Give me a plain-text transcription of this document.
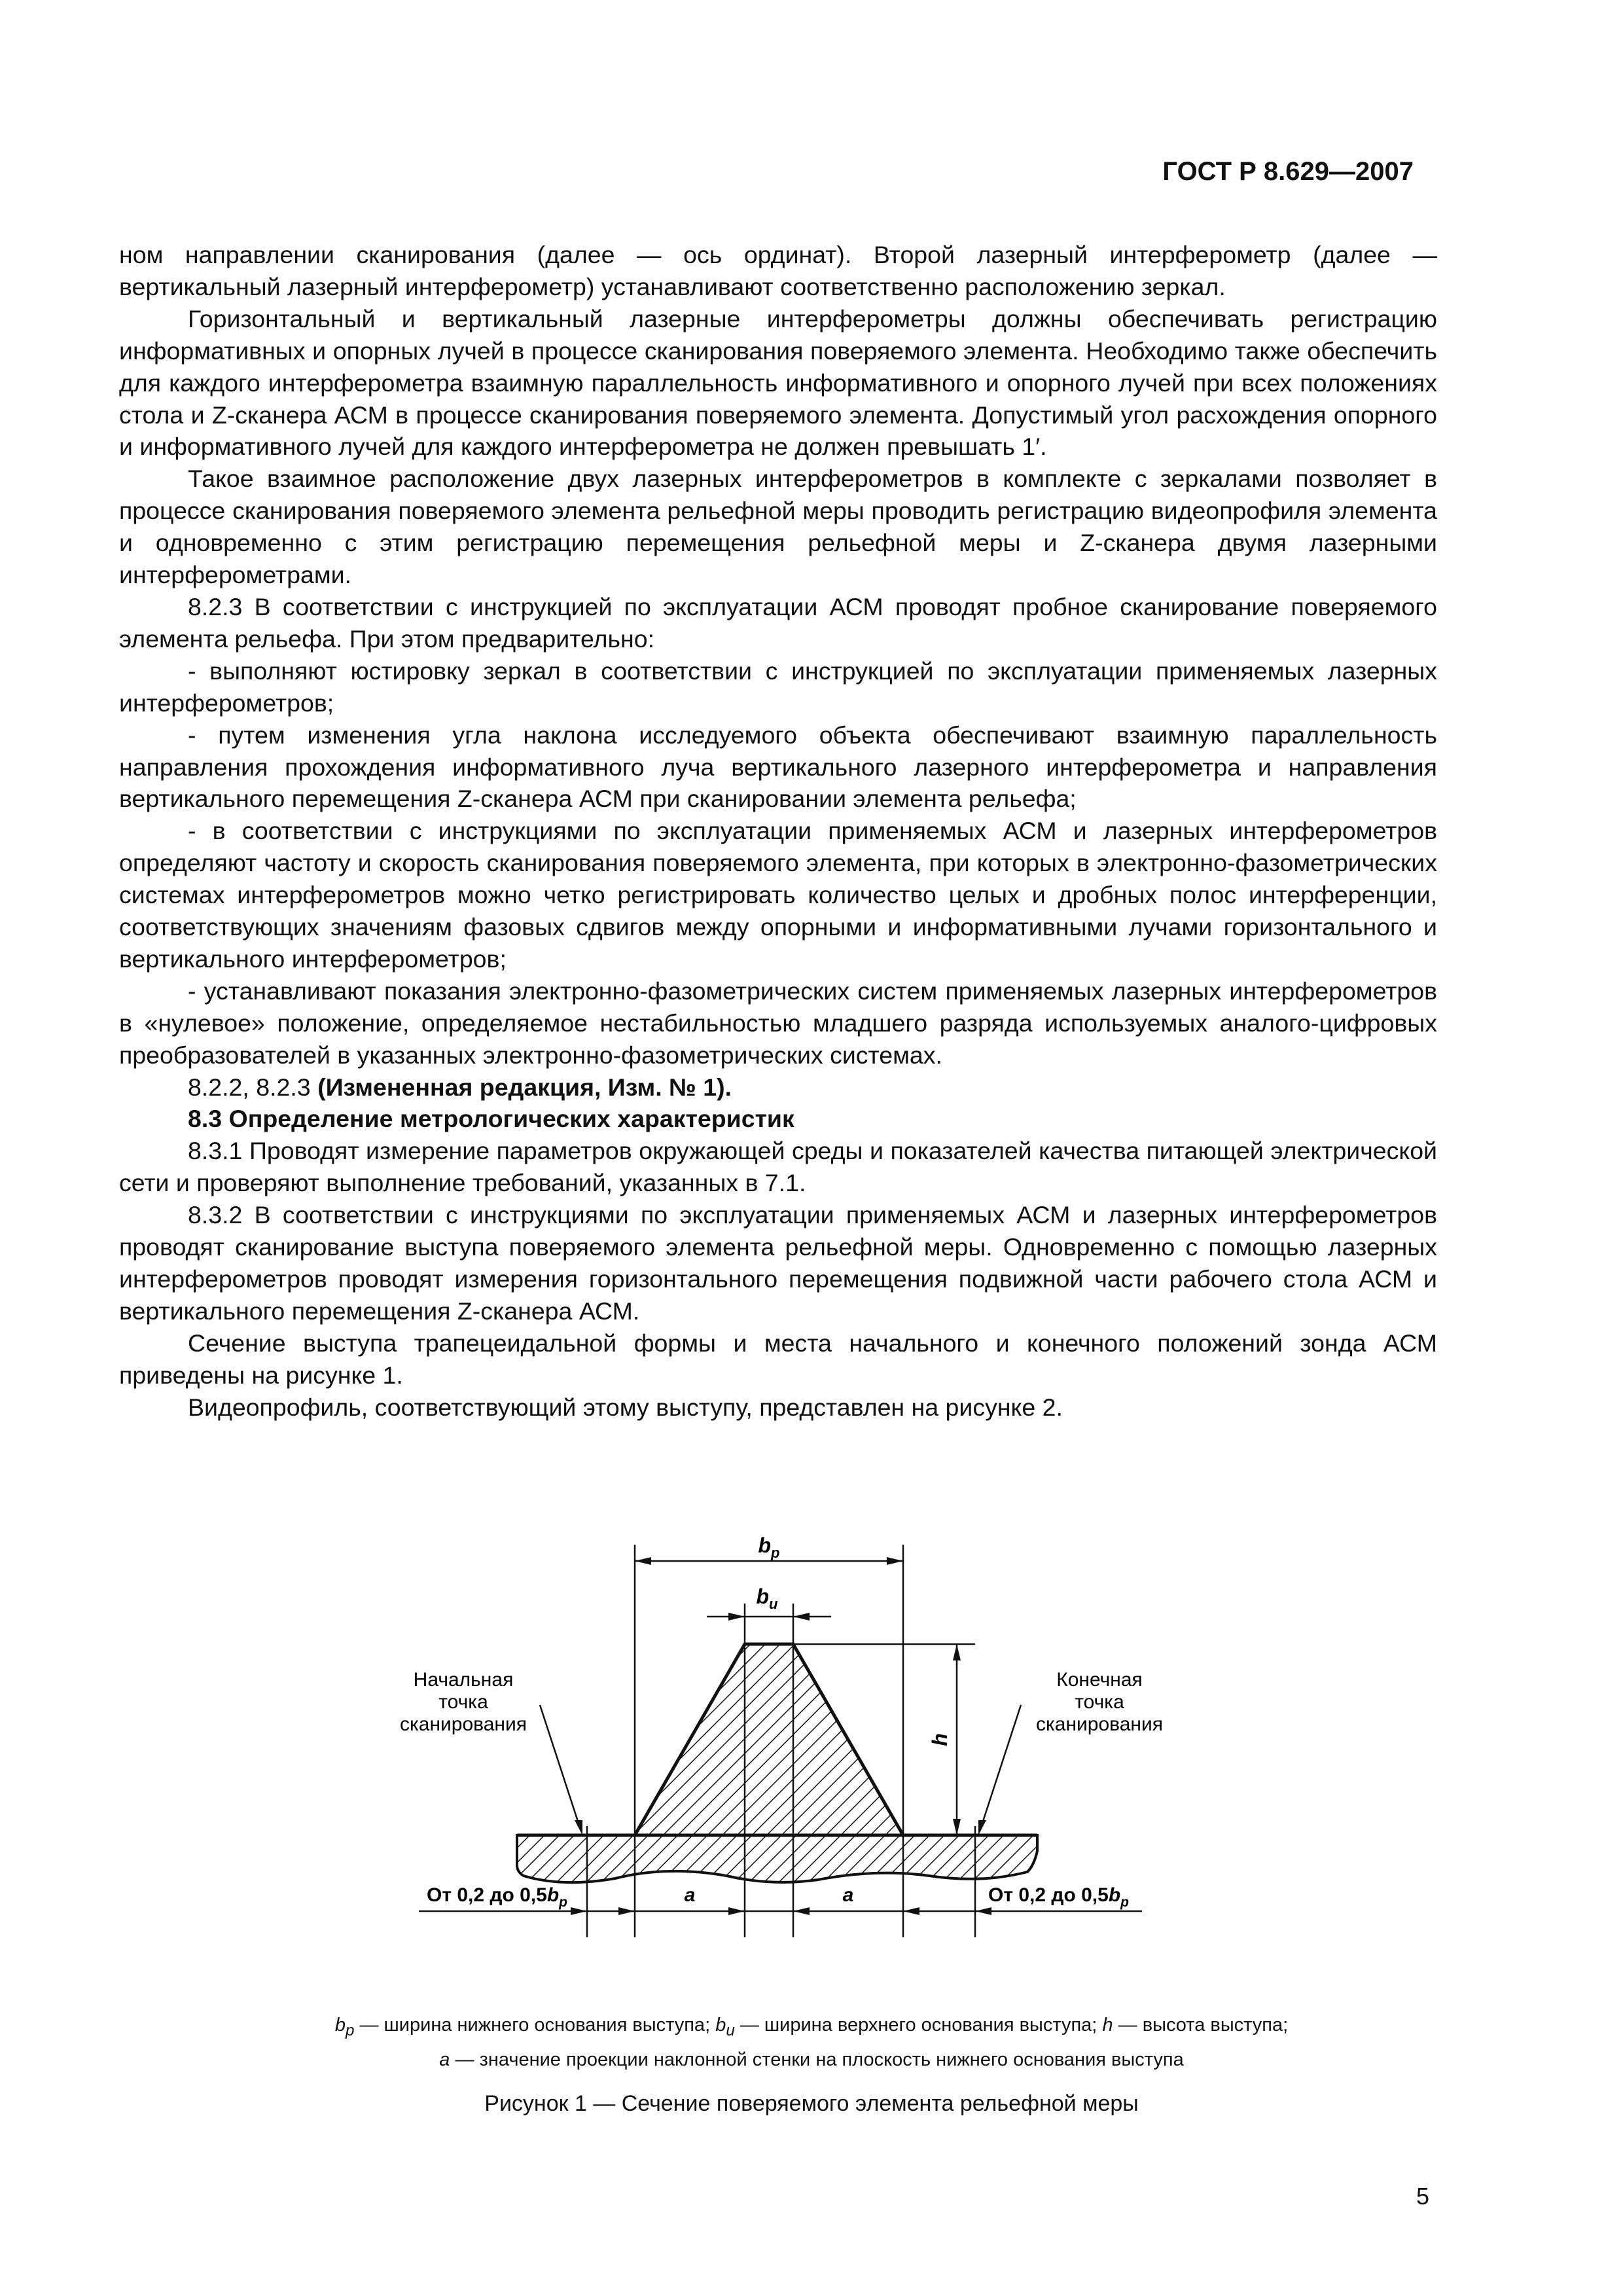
ГОСТ Р 8.629—2007

ном направлении сканирования (далее — ось ординат). Второй лазерный интерферометр (далее — вертикальный лазерный интерферометр) устанавливают соответственно расположению зеркал.

Горизонтальный и вертикальный лазерные интерферометры должны обеспечивать регистрацию информативных и опорных лучей в процессе сканирования поверяемого элемента. Необходимо также обеспечить для каждого интерферометра взаимную параллельность информативного и опорного лучей при всех положениях стола и Z-сканера АСМ в процессе сканирования поверяемого элемента. Допустимый угол расхождения опорного и информативного лучей для каждого интерферометра не должен превышать 1′.

Такое взаимное расположение двух лазерных интерферометров в комплекте с зеркалами позволяет в процессе сканирования поверяемого элемента рельефной меры проводить регистрацию видеопрофиля элемента и одновременно с этим регистрацию перемещения рельефной меры и Z-сканера двумя лазерными интерферометрами.

8.2.3 В соответствии с инструкцией по эксплуатации АСМ проводят пробное сканирование поверяемого элемента рельефа. При этом предварительно:

- выполняют юстировку зеркал в соответствии с инструкцией по эксплуатации применяемых лазерных интерферометров;

- путем изменения угла наклона исследуемого объекта обеспечивают взаимную параллельность направления прохождения информативного луча вертикального лазерного интерферометра и направления вертикального перемещения Z-сканера АСМ при сканировании элемента рельефа;

- в соответствии с инструкциями по эксплуатации применяемых АСМ и лазерных интерферометров определяют частоту и скорость сканирования поверяемого элемента, при которых в электронно-фазометрических системах интерферометров можно четко регистрировать количество целых и дробных полос интерференции, соответствующих значениям фазовых сдвигов между опорными и информативными лучами горизонтального и вертикального интерферометров;

- устанавливают показания электронно-фазометрических систем применяемых лазерных интерферометров в «нулевое» положение, определяемое нестабильностью младшего разряда используемых аналого-цифровых преобразователей в указанных электронно-фазометрических системах.

8.2.2, 8.2.3 (Измененная редакция, Изм. № 1).

8.3 Определение метрологических характеристик

8.3.1 Проводят измерение параметров окружающей среды и показателей качества питающей электрической сети и проверяют выполнение требований, указанных в 7.1.

8.3.2 В соответствии с инструкциями по эксплуатации применяемых АСМ и лазерных интерферометров проводят сканирование выступа поверяемого элемента рельефной меры. Одновременно с помощью лазерных интерферометров проводят измерения горизонтального перемещения подвижной части рабочего стола АСМ и вертикального перемещения Z-сканера АСМ.

Сечение выступа трапецеидальной формы и места начального и конечного положений зонда АСМ приведены на рисунке 1.

Видеопрофиль, соответствующий этому выступу, представлен на рисунке 2.

$b_p$
$b_и$
h
a	a
Начальная
точка
сканирования
Конечная
точка
сканирования
От 0,2 до $0,5b_p$	От 0,2 до $0,5b_p$
$b_p$ — ширина нижнего основания выступа; $b_и$ — ширина верхнего основания выступа; h — высота выступа;
a — значение проекции наклонной стенки на плоскость нижнего основания выступа
Рисунок 1 — Сечение поверяемого элемента рельефной меры
5
